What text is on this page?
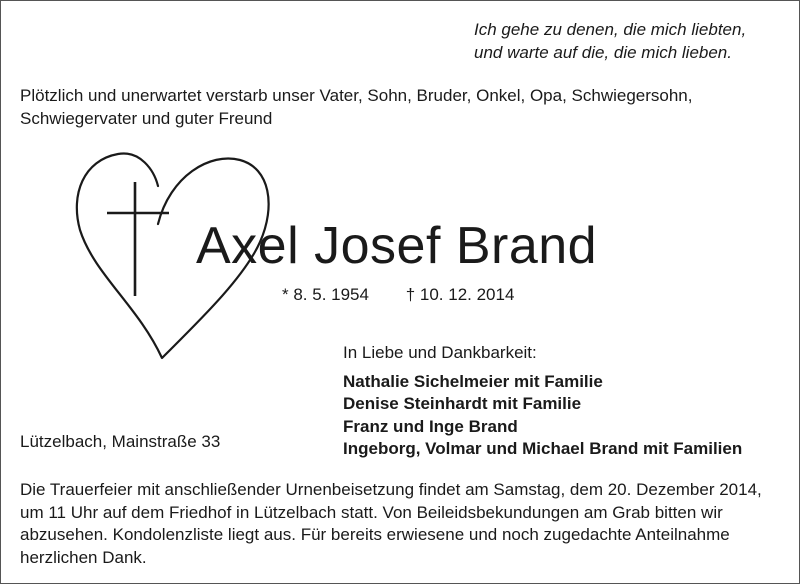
Ich gehe zu denen, die mich liebten,
und warte auf die, die mich lieben.
Plötzlich und unerwartet verstarb unser Vater, Sohn, Bruder, Onkel, Opa, Schwiegersohn,
Schwiegervater und guter Freund
Axel Josef Brand
* 8. 5. 1954 † 10. 12. 2014
In Liebe und Dankbarkeit:
Nathalie Sichelmeier mit Familie
Denise Steinhardt mit Familie
Franz und Inge Brand
Ingeborg, Volmar und Michael Brand mit Familien
Lützelbach, Mainstraße 33
Die Trauerfeier mit anschließender Urnenbeisetzung findet am Samstag, dem 20. Dezember 2014,
um 11 Uhr auf dem Friedhof in Lützelbach statt. Von Beileidsbekundungen am Grab bitten wir
abzusehen. Kondolenzliste liegt aus. Für bereits erwiesene und noch zugedachte Anteilnahme
herzlichen Dank.
